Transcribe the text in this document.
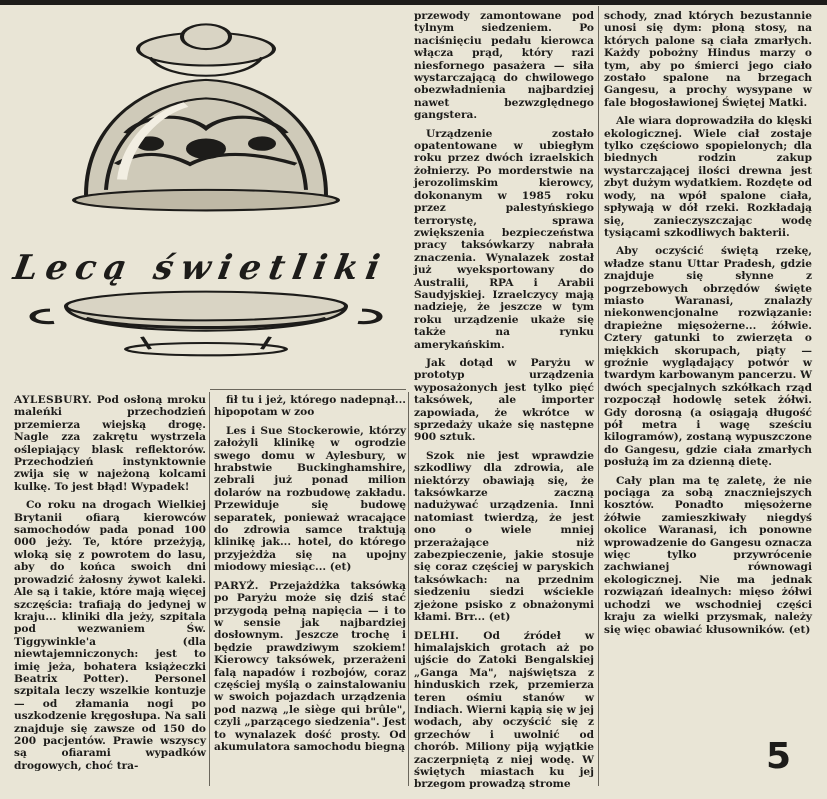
Lecą świetliki
5

AYLESBURY. Pod osłoną mroku maleńki przechodzień przemierza wiejską drogę. Nagle zza zakrętu wystrzela oślepiający blask reflektorów. Przechodzień instynktownie zwija się w najeżoną kolcami kulkę. To jest błąd! Wypadek!

Co roku na drogach Wielkiej Brytanii ofiarą kierowców samochodów pada ponad 100 000 jeży. Te, które przeżyją, wloką się z powrotem do lasu, aby do końca swoich dni prowadzić żałosny żywot kaleki. Ale są i takie, które mają więcej szczęścia: trafiają do jedynej w kraju... kliniki dla jeży, szpitala pod wezwaniem Św. Tiggywinkle'a (dla niewtajemniczonych: jest to imię jeża, bohatera książeczki Beatrix Potter). Personel szpitala leczy wszelkie kontuzje — od złamania nogi po uszkodzenie kręgosłupa. Na sali znajduje się zawsze od 150 do 200 pacjentów. Prawie wszyscy są ofiarami wypadków drogowych, choć tra-

fił tu i jeż, którego nadepnął... hipopotam w zoo

Les i Sue Stockerowie, którzy założyli klinikę w ogrodzie swego domu w Aylesbury, w hrabstwie Buckinghamshire, zebrali już ponad milion dolarów na rozbudowę zakładu. Przewiduje się budowę separatek, ponieważ wracające do zdrowia samce traktują klinikę jak... hotel, do którego przyjeżdża się na upojny miodowy miesiąc... (et)

PARYŻ. Przejażdżka taksówką po Paryżu może się dziś stać przygodą pełną napięcia — i to w sensie jak najbardziej dosłownym. Jeszcze trochę i będzie prawdziwym szokiem! Kierowcy taksówek, przerażeni falą napadów i rozbojów, coraz częściej myślą o zainstalowaniu w swoich pojazdach urządzenia pod nazwą „le siège qui brûle", czyli „parzącego siedzenia". Jest to wynalazek dość prosty. Od akumulatora samochodu biegną

przewody zamontowane pod tylnym siedzeniem. Po naciśnięciu pedału kierowca włącza prąd, który razi niesfornego pasażera — siła wystarczającą do chwilowego obezwładnienia najbardziej nawet bezwzględnego gangstera.

Urządzenie zostało opatentowane w ubiegłym roku przez dwóch izraelskich żołnierzy. Po morderstwie na jerozolimskim kierowcy, dokonanym w 1985 roku przez palestyńskiego terrorystę, sprawa zwiększenia bezpieczeństwa pracy taksówkarzy nabrała znaczenia. Wynalazek został już wyeksportowany do Australii, RPA i Arabii Saudyjskiej. Izraelczycy mają nadzieję, że jeszcze w tym roku urządzenie ukaże się także na rynku amerykańskim.

Jak dotąd w Paryżu w prototyp urządzenia wyposażonych jest tylko pięć taksówek, ale importer zapowiada, że wkrótce w sprzedaży ukaże się następne 900 sztuk.

Szok nie jest wprawdzie szkodliwy dla zdrowia, ale niektórzy obawiają się, że taksówkarze zaczną nadużywać urządzenia. Inni natomiast twierdzą, że jest ono o wiele mniej przerażające niż zabezpieczenie, jakie stosuje się coraz częściej w paryskich taksówkach: na przednim siedzeniu siedzi wściekle zjeżone psisko z obnażonymi kłami. Brr... (et)

DELHI. Od źródeł w himalajskich grotach aż po ujście do Zatoki Bengalskiej „Ganga Ma", najświętsza z hinduskich rzek, przemierza teren ośmiu stanów w Indiach. Wierni kąpią się w jej wodach, aby oczyścić się z grzechów i uwolnić od chorób. Miliony piją wyjątkie zaczerpniętą z niej wodę. W świętych miastach ku jej brzegom prowadzą strome

schody, znad których bezustannie unosi się dym: płoną stosy, na których palone są ciała zmarłych. Każdy pobożny Hindus marzy o tym, aby po śmierci jego ciało zostało spalone na brzegach Gangesu, a prochy wysypane w fale błogosławionej Świętej Matki.

Ale wiara doprowadziła do klęski ekologicznej. Wiele ciał zostaje tylko częściowo spopielonych; dla biednych rodzin zakup wystarczającej ilości drewna jest zbyt dużym wydatkiem. Rozdęte od wody, na wpół spalone ciała, spływają w dół rzeki. Rozkładają się, zanieczyszczając wodę tysiącami szkodliwych bakterii.

Aby oczyścić świętą rzekę, władze stanu Uttar Pradesh, gdzie znajduje się słynne z pogrzebowych obrzędów święte miasto Waranasi, znalazły niekonwencjonalne rozwiązanie: drapieżne mięsożerne... żółwie. Cztery gatunki to zwierzęta o miękkich skorupach, piąty — groźnie wyglądający potwór w twardym karbowanym pancerzu. W dwóch specjalnych szkółkach rząd rozpoczął hodowlę setek żółwi. Gdy dorosną (a osiągają długość pół metra i wagę sześciu kilogramów), zostaną wypuszczone do Gangesu, gdzie ciała zmarłych posłużą im za dzienną dietę.

Cały plan ma tę zaletę, że nie pociąga za sobą znaczniejszych kosztów. Ponadto mięsożerne żółwie zamieszkiwały niegdyś okolice Waranasi, ich ponowne wprowadzenie do Gangesu oznacza więc tylko przywrócenie zachwianej równowagi ekologicznej. Nie ma jednak rozwiązań idealnych: mięso żółwi uchodzi we wschodniej części kraju za wielki przysmak, należy się więc obawiać kłusowników. (et)
